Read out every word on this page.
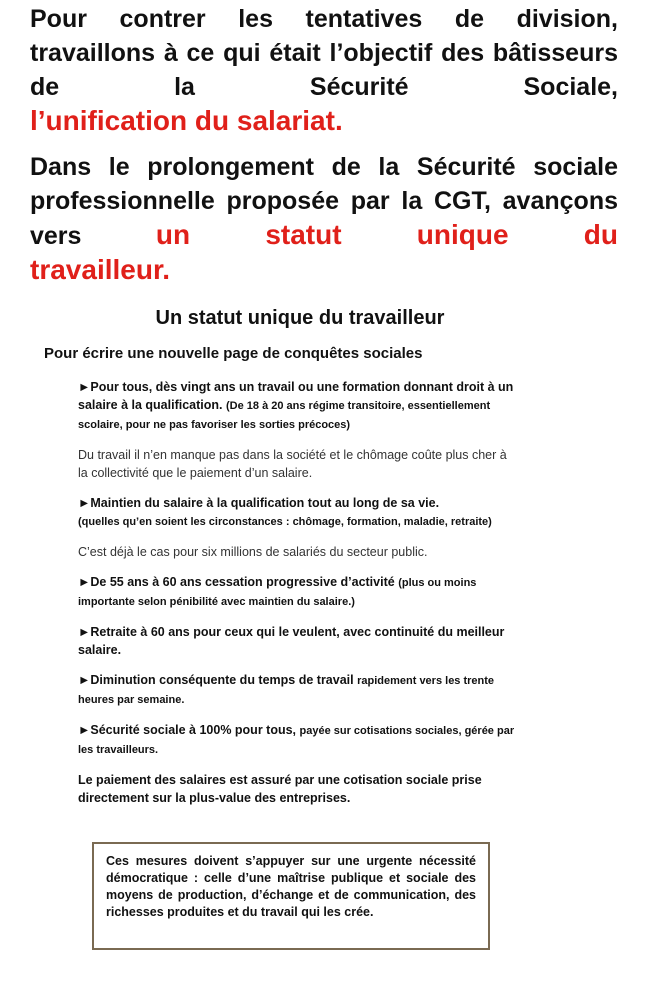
Pour contrer les tentatives de division, travaillons à ce qui était l’objectif des bâtisseurs de la Sécurité Sociale,
l’unification du salariat.

Dans le prolongement de la Sécurité sociale professionnelle proposée par la CGT, avançons vers	un statut unique du
travailleur.

Un statut unique du travailleur
Pour écrire une nouvelle page de conquêtes sociales

►Pour tous, dès vingt ans un travail ou une formation donnant droit à un salaire à la qualification. (De 18 à 20 ans régime transitoire, essentiellement scolaire, pour ne pas favoriser les sorties précoces)

Du travail il n’en manque pas dans la société et le chômage coûte plus cher à la collectivité que le paiement d’un salaire.

►Maintien du salaire à la qualification tout au long de sa vie.
(quelles qu’en soient les circonstances : chômage, formation, maladie, retraite)

C’est déjà le cas pour six millions de salariés du secteur public.

►De 55 ans à 60 ans cessation progressive d’activité (plus ou moins importante selon pénibilité avec maintien du salaire.)

►Retraite à 60 ans pour ceux qui le veulent, avec continuité du meilleur salaire.

►Diminution conséquente du temps de travail rapidement vers les trente heures par semaine.

►Sécurité sociale à 100% pour tous, payée sur cotisations sociales, gérée par les travailleurs.

Le paiement des salaires est assuré par une cotisation sociale prise directement sur la plus-value des entreprises.

Ces mesures doivent s’appuyer sur une urgente nécessité démocratique : celle d’une maîtrise publique et sociale des moyens de production, d’échange et de communication, des richesses produites et du travail qui les crée.
